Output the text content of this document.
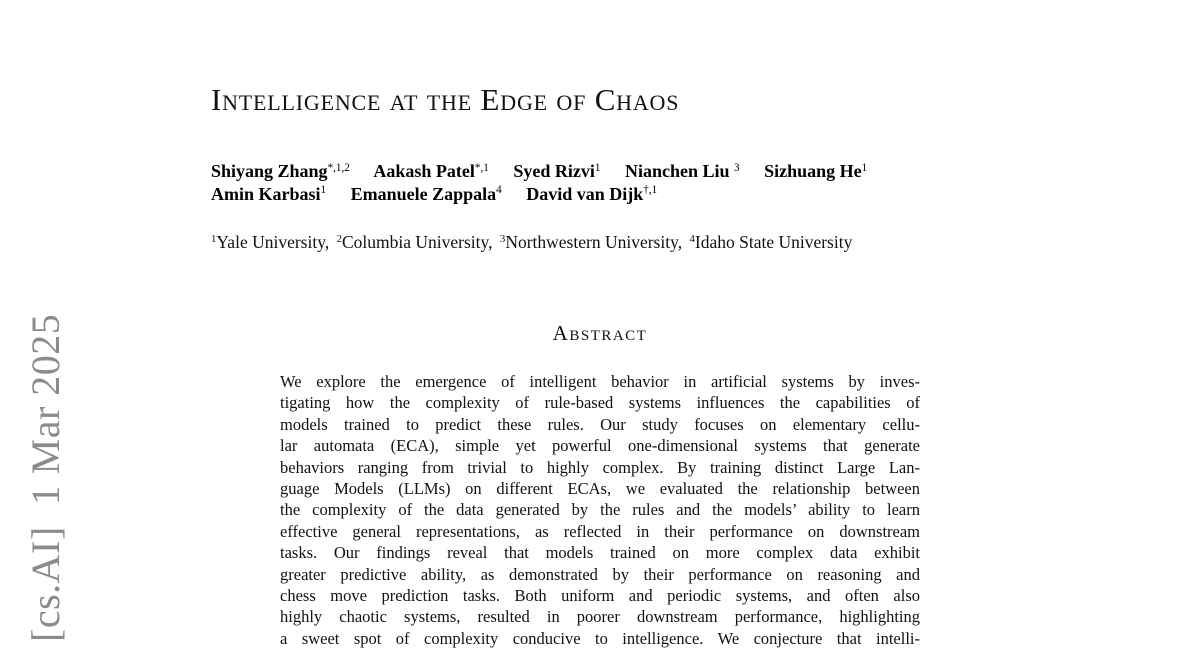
[cs.AI]  1 Mar 2025
Intelligence at the Edge of Chaos
Shiyang Zhang$^{*,1,2}$ Aakash Patel$^{*,1}$ Syed Rizvi$^1$ Nianchen Liu $^3$ Sizhuang He$^1$
Amin Karbasi$^1$ Emanuele Zappala$^4$ David van Dijk$^{\dagger,1}$
$^1$Yale University, $^2$Columbia University, $^3$Northwestern University, $^4$Idaho State University
Abstract
We explore the emergence of intelligent behavior in artificial systems by inves-
tigating how the complexity of rule-based systems influences the capabilities of
models trained to predict these rules. Our study focuses on elementary cellu-
lar automata (ECA), simple yet powerful one-dimensional systems that generate
behaviors ranging from trivial to highly complex. By training distinct Large Lan-
guage Models (LLMs) on different ECAs, we evaluated the relationship between
the complexity of the data generated by the rules and the models’ ability to learn
effective general representations, as reflected in their performance on downstream
tasks. Our findings reveal that models trained on more complex data exhibit
greater predictive ability, as demonstrated by their performance on reasoning and
chess move prediction tasks. Both uniform and periodic systems, and often also
highly chaotic systems, resulted in poorer downstream performance, highlighting
a sweet spot of complexity conducive to intelligence. We conjecture that intelli-
